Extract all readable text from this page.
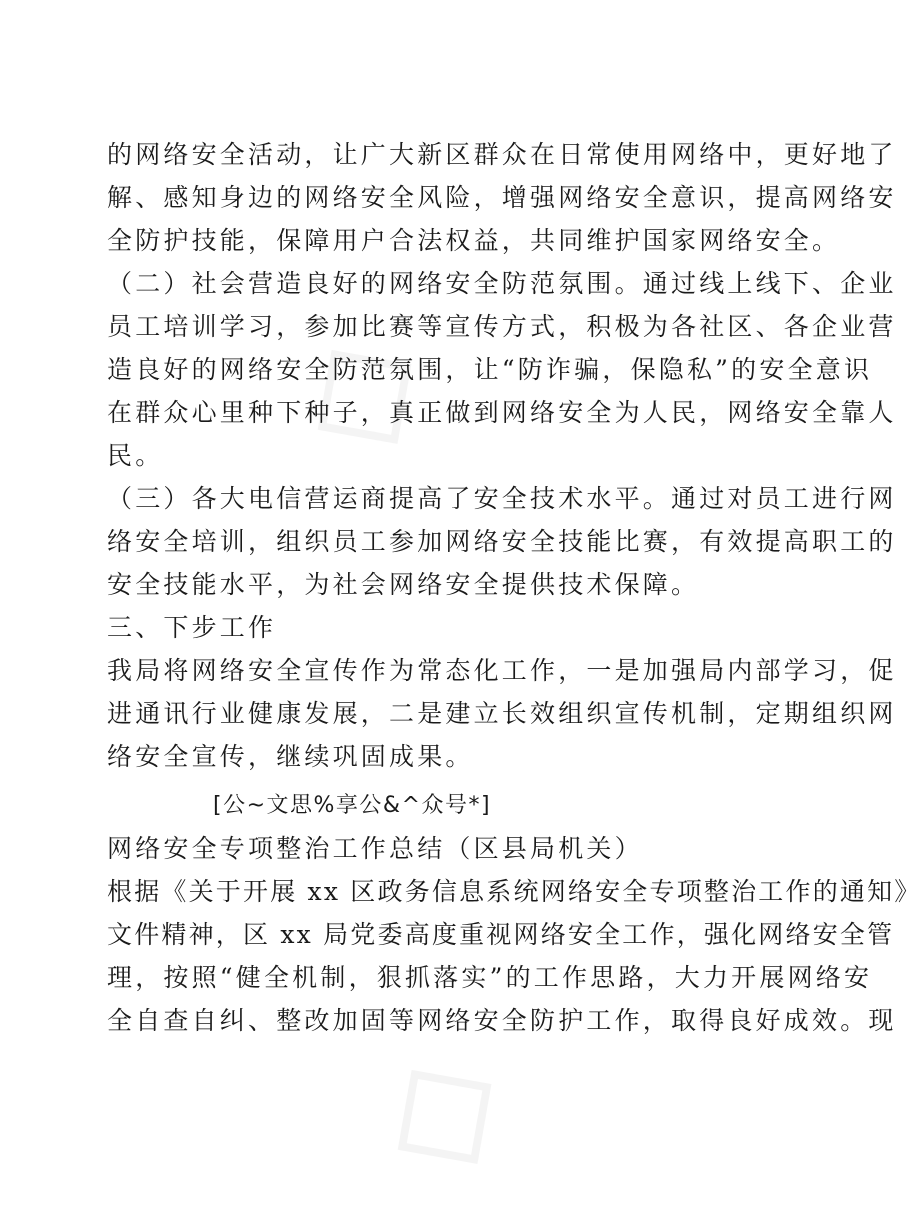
的网络安全活动，让广大新区群众在日常使用网络中，更好地了
解、感知身边的网络安全风险，增强网络安全意识，提高网络安
全防护技能，保障用户合法权益，共同维护国家网络安全。
（二）社会营造良好的网络安全防范氛围。通过线上线下、企业
员工培训学习，参加比赛等宣传方式，积极为各社区、各企业营
造良好的网络安全防范氛围，让“防诈骗，保隐私”的安全意识
在群众心里种下种子，真正做到网络安全为人民，网络安全靠人
民。
（三）各大电信营运商提高了安全技术水平。通过对员工进行网
络安全培训，组织员工参加网络安全技能比赛，有效提高职工的
安全技能水平，为社会网络安全提供技术保障。
三、下步工作
我局将网络安全宣传作为常态化工作，一是加强局内部学习，促
进通讯行业健康发展，二是建立长效组织宣传机制，定期组织网
络安全宣传，继续巩固成果。
[公~文思%享公&^众号*]
网络安全专项整治工作总结（区县局机关）
根据《关于开展 xx 区政务信息系统网络安全专项整治工作的通知》
文件精神，区 xx 局党委高度重视网络安全工作，强化网络安全管
理，按照“健全机制，狠抓落实”的工作思路，大力开展网络安
全自查自纠、整改加固等网络安全防护工作，取得良好成效。现
